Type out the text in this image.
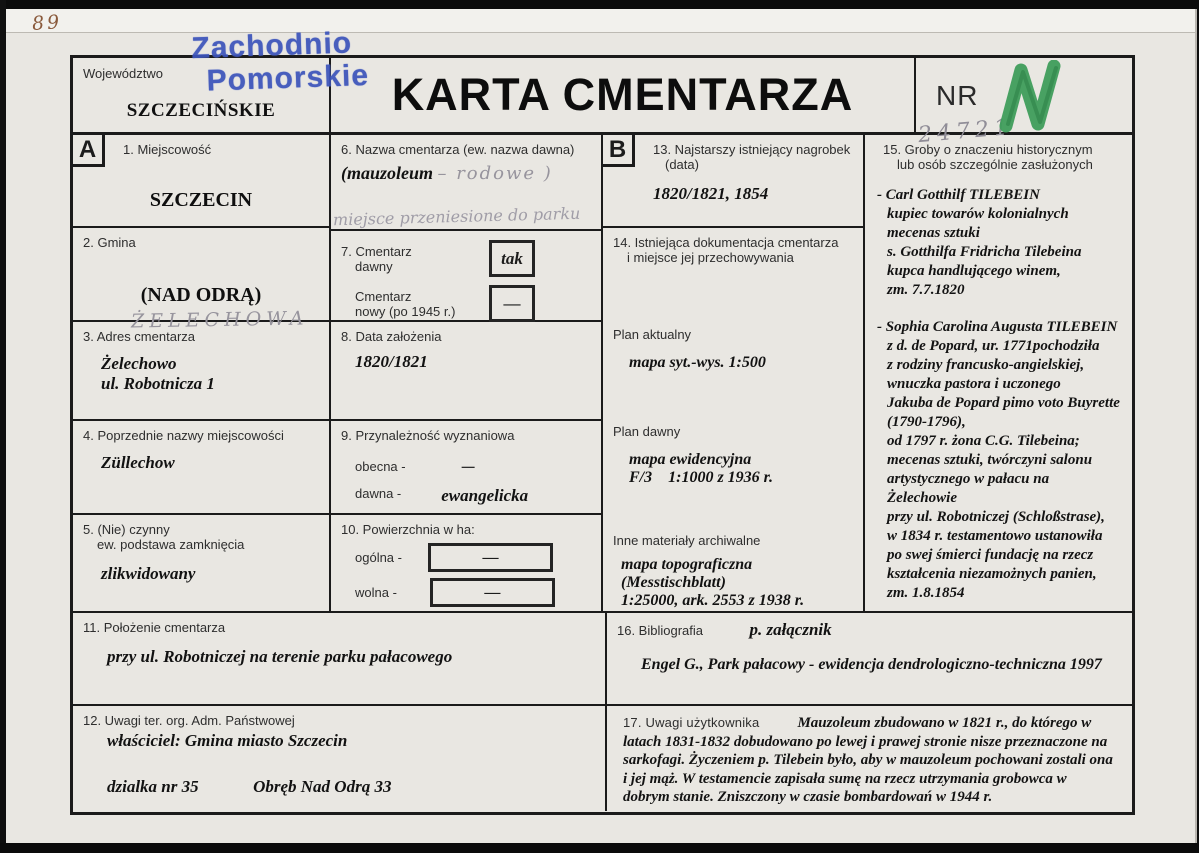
89
Zachodnio
Pomorskie
Województwo
SZCZECIŃSKIE	KARTA CMENTARZA	NR
24721
A	1. Miejscowość
SZCZECIN
2. Gmina
(NAD ODRĄ)
ŻELECHOWA
3. Adres cmentarza
Żelechowo
ul. Robotnicza 1
4. Poprzednie nazwy miejscowości
Züllechow
5. (Nie) czynny
ew. podstawa zamknięcia
zlikwidowany
6. Nazwa cmentarza (ew. nazwa dawna)
(mauzoleum – rodowe )
miejsce przeniesione do parku
7. Cmentarz
dawny	tak
Cmentarz
nowy (po 1945 r.)	—
8. Data założenia
1820/1821
9. Przynależność wyznaniowa
obecna -	—
dawna - ewangelicka
10. Powierzchnia w ha:
ogólna -	—
wolna -	—
B	13. Najstarszy istniejący nagrobek
(data)
1820/1821, 1854
14. Istniejąca dokumentacja cmentarza
i miejsce jej przechowywania
Plan aktualny
mapa syt.-wys. 1:500
Plan dawny
mapa ewidencyjna
F/3    1:1000 z 1936 r.
Inne materiały archiwalne
mapa topograficzna (Messtischblatt)
1:25000, ark. 2553 z 1938 r.
15. Groby o znaczeniu historycznym
lub osób szczególnie zasłużonych
- Carl Gotthilf TILEBEIN
kupiec towarów kolonialnych
mecenas sztuki
s. Gotthilfa Fridricha Tilebeina
kupca handlującego winem,
zm. 7.7.1820
- Sophia Carolina Augusta TILEBEIN
z d. de Popard, ur. 1771pochodziła
z rodziny francusko-angielskiej,
wnuczka pastora i uczonego
Jakuba de Popard pimo voto Buyrette
(1790-1796),
od 1797 r. żona C.G. Tilebeina;
mecenas sztuki, twórczyni salonu
artystycznego w pałacu na Żelechowie
przy ul. Robotniczej (Schloßstrase),
w 1834 r. testamentowo ustanowiła
po swej śmierci fundację na rzecz
kształcenia niezamożnych panien,
zm. 1.8.1854
11. Położenie cmentarza
przy ul. Robotniczej na terenie parku pałacowego
12. Uwagi ter. org. Adm. Państwowej
właściciel: Gmina miasto Szczecin
dzialka nr 35	Obręb Nad Odrą 33
16. Bibliografia	p. załącznik
Engel G., Park pałacowy - ewidencja dendrologiczno-techniczna 1997
17. Uwagi użytkownika	Mauzoleum zbudowano w 1821 r., do którego w latach 1831-1832 dobudowano po lewej i prawej stronie nisze przeznaczone na sarkofagi. Życzeniem p. Tilebein było, aby w mauzoleum pochowani zostali ona i jej mąż. W testamencie zapisała sumę na rzecz utrzymania grobowca w dobrym stanie. Zniszczony w czasie bombardowań w 1944 r.
